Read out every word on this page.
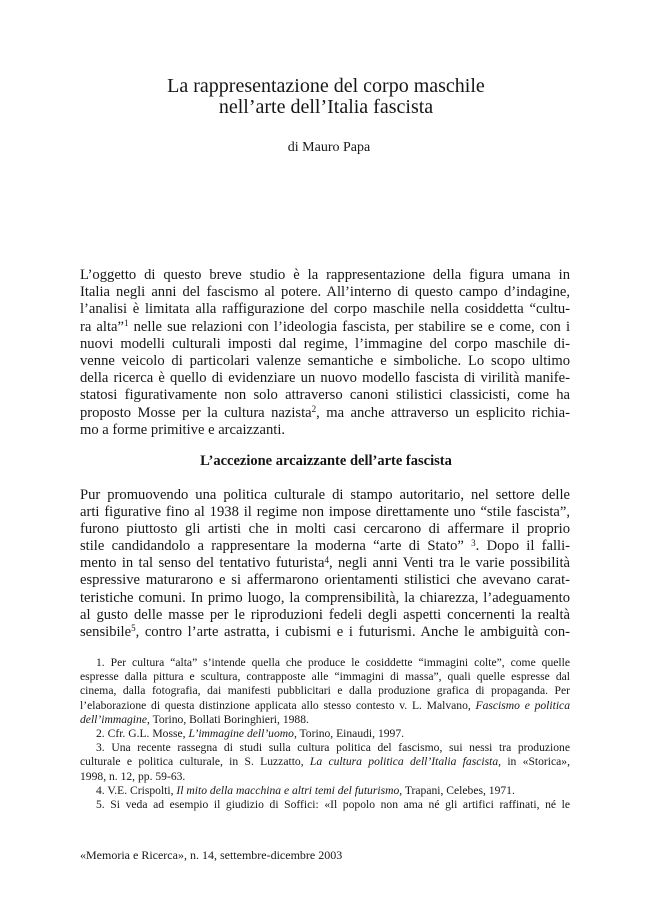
La rappresentazione del corpo maschile
nell’arte dell’Italia fascista
di Mauro Papa
L’oggetto di questo breve studio è la rappresentazione della figura umana in
Italia negli anni del fascismo al potere. All’interno di questo campo d’indagine,
l’analisi è limitata alla raffigurazione del corpo maschile nella cosiddetta “cultu-
ra alta”$^1$ nelle sue relazioni con l’ideologia fascista, per stabilire se e come, con i
nuovi modelli culturali imposti dal regime, l’immagine del corpo maschile di-
venne veicolo di particolari valenze semantiche e simboliche. Lo scopo ultimo
della ricerca è quello di evidenziare un nuovo modello fascista di virilità manife-
statosi figurativamente non solo attraverso canoni stilistici classicisti, come ha
proposto Mosse per la cultura nazista$^2$, ma anche attraverso un esplicito richia-
mo a forme primitive e arcaizzanti.
L’accezione arcaizzante dell’arte fascista
Pur promuovendo una politica culturale di stampo autoritario, nel settore delle
arti figurative fino al 1938 il regime non impose direttamente uno “stile fascista”,
furono piuttosto gli artisti che in molti casi cercarono di affermare il proprio
stile candidandolo a rappresentare la moderna “arte di Stato” $^3$. Dopo il falli-
mento in tal senso del tentativo futurista$^4$, negli anni Venti tra le varie possibilità
espressive maturarono e si affermarono orientamenti stilistici che avevano carat-
teristiche comuni. In primo luogo, la comprensibilità, la chiarezza, l’adeguamento
al gusto delle masse per le riproduzioni fedeli degli aspetti concernenti la realtà
sensibile$^5$, contro l’arte astratta, i cubismi e i futurismi. Anche le ambiguità con-
1. Per cultura “alta” s’intende quella che produce le cosiddette “immagini colte”, come quelle
espresse dalla pittura e scultura, contrapposte alle “immagini di massa”, quali quelle espresse dal
cinema, dalla fotografia, dai manifesti pubblicitari e dalla produzione grafica di propaganda. Per
l’elaborazione di questa distinzione applicata allo stesso contesto v. L. Malvano, Fascismo e politica
dell’immagine, Torino, Bollati Boringhieri, 1988.
2. Cfr. G.L. Mosse, L’immagine dell’uomo, Torino, Einaudi, 1997.
3. Una recente rassegna di studi sulla cultura politica del fascismo, sui nessi tra produzione
culturale e politica culturale, in S. Luzzatto, La cultura politica dell’Italia fascista, in «Storica»,
1998, n. 12, pp. 59-63.
4. V.E. Crispolti, Il mito della macchina e altri temi del futurismo, Trapani, Celebes, 1971.
5. Si veda ad esempio il giudizio di Soffici: «Il popolo non ama né gli artifici raffinati, né le
«Memoria e Ricerca», n. 14, settembre-dicembre 2003
